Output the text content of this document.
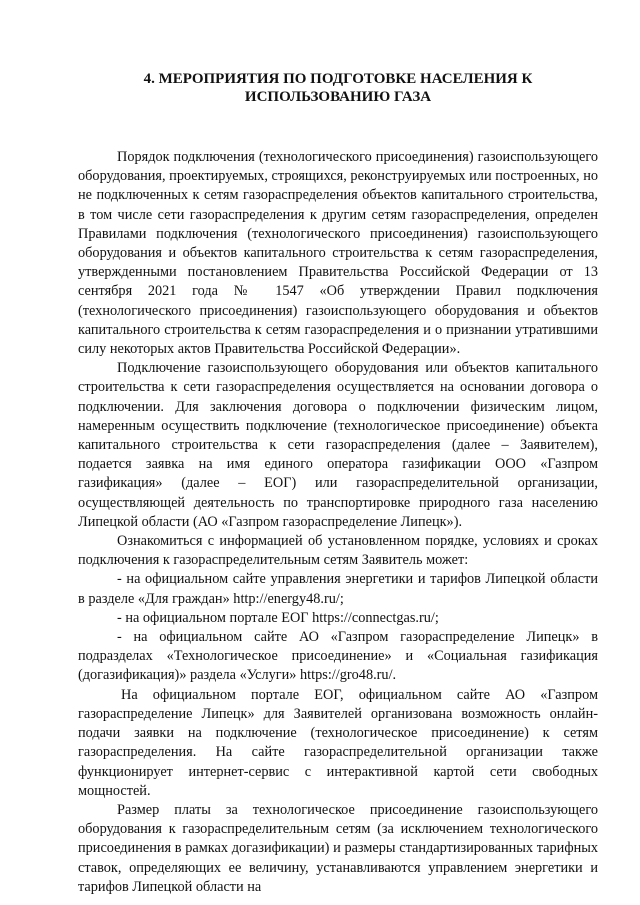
4. МЕРОПРИЯТИЯ ПО ПОДГОТОВКЕ НАСЕЛЕНИЯ К
ИСПОЛЬЗОВАНИЮ ГАЗА

Порядок подключения (технологического присоединения) газоиспользующего оборудования, проектируемых, строящихся, реконструируемых или построенных, но не подключенных к сетям газораспределения объектов капитального строительства, в том числе сети газораспределения к другим сетям газораспределения, определен Правилами подключения (технологического присоединения) газоиспользующего оборудования и объектов капитального строительства к сетям газораспределения, утвержденными постановлением Правительства Российской Федерации от 13 сентября 2021 года № 1547 «Об утверждении Правил подключения (технологического присоединения) газоиспользующего оборудования и объектов капитального строительства к сетям газораспределения и о признании утратившими силу некоторых актов Правительства Российской Федерации».

Подключение газоиспользующего оборудования или объектов капитального строительства к сети газораспределения осуществляется на основании договора о подключении. Для заключения договора о подключении физическим лицом, намеренным осуществить подключение (технологическое присоединение) объекта капитального строительства к сети газораспределения (далее – Заявителем), подается заявка на имя единого оператора газификации ООО «Газпром газификация» (далее – ЕОГ) или газораспределительной организации, осуществляющей деятельность по транспортировке природного газа населению Липецкой области (АО «Газпром газораспределение Липецк»).

Ознакомиться с информацией об установленном порядке, условиях и сроках подключения к газораспределительным сетям Заявитель может:

- на официальном сайте управления энергетики и тарифов Липецкой области в разделе «Для граждан» http://energy48.ru/;

- на официальном портале ЕОГ https://connectgas.ru/;

- на официальном сайте АО «Газпром газораспределение Липецк» в подразделах «Технологическое присоединение» и «Социальная газификация (догазификация)» раздела «Услуги» https://gro48.ru/.

На официальном портале ЕОГ, официальном сайте АО «Газпром газораспределение Липецк» для Заявителей организована возможность онлайн-подачи заявки на подключение (технологическое присоединение) к сетям газораспределения. На сайте газораспределительной организации также функционирует интернет-сервис с интерактивной картой сети свободных мощностей.

Размер платы за технологическое присоединение газоиспользующего оборудования к газораспределительным сетям (за исключением технологического присоединения в рамках догазификации) и размеры стандартизированных тарифных ставок, определяющих ее величину, устанавливаются управлением энергетики и тарифов Липецкой области на
